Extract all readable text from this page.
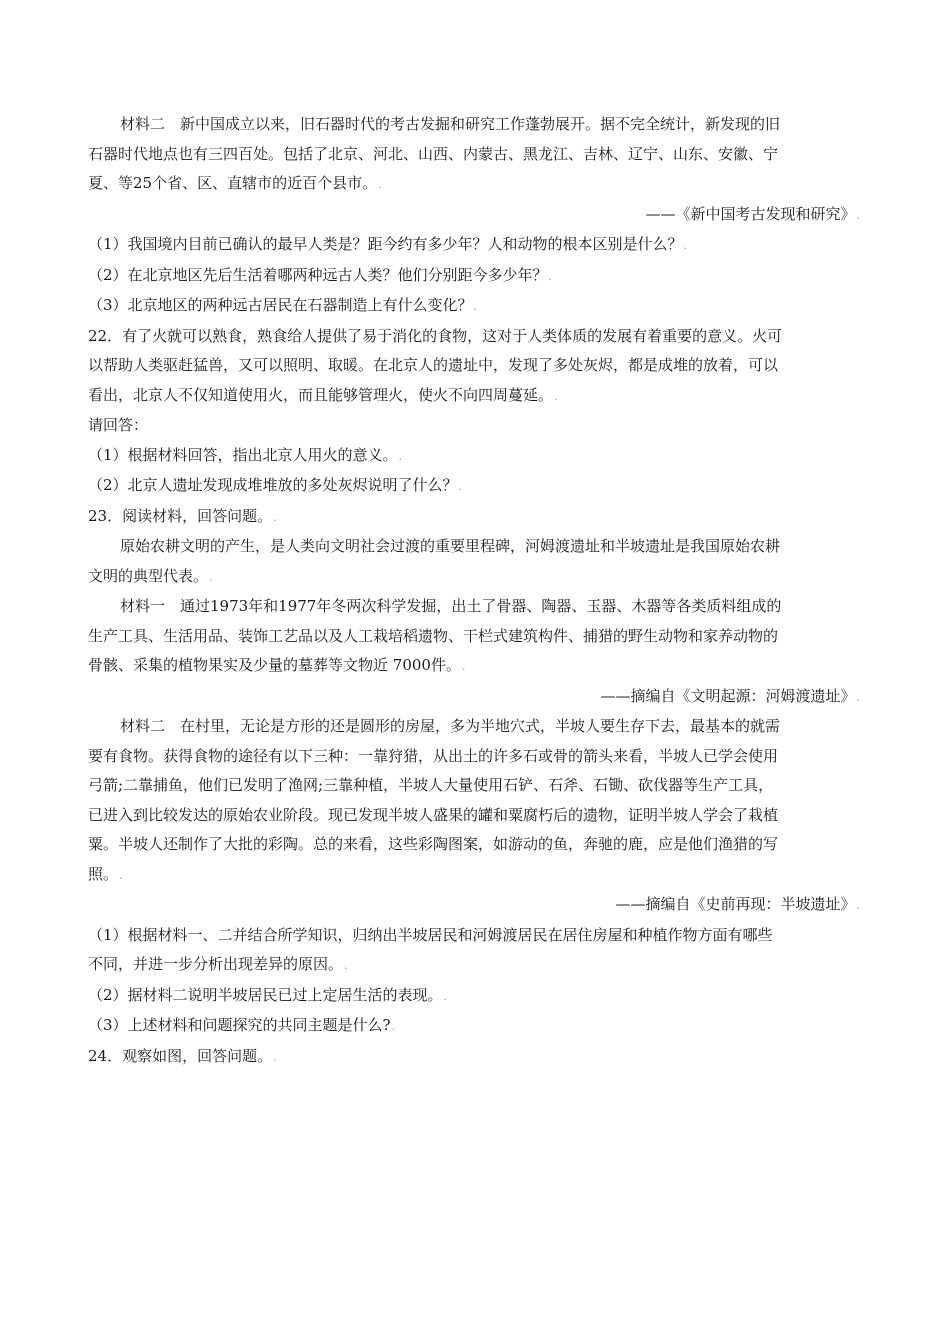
材料二　新中国成立以来，旧石器时代的考古发掘和研究工作蓬勃展开。据不完全统计，新发现的旧
石器时代地点也有三四百处。包括了北京、河北、山西、内蒙古、黑龙江、吉林、辽宁、山东、安徽、宁
夏、等25个省、区、直辖市的近百个县市。.
——《新中国考古发现和研究》.
（1）我国境内目前已确认的最早人类是？距今约有多少年？人和动物的根本区别是什么？.
（2）在北京地区先后生活着哪两种远古人类？他们分别距今多少年？.
（3）北京地区的两种远古居民在石器制造上有什么变化？.
22．有了火就可以熟食，熟食给人提供了易于消化的食物，这对于人类体质的发展有着重要的意义。火可
以帮助人类驱赶猛兽，又可以照明、取暖。在北京人的遗址中，发现了多处灰烬，都是成堆的放着，可以
看出，北京人不仅知道使用火，而且能够管理火，使火不向四周蔓延。.
请回答：
（1）根据材料回答，指出北京人用火的意义。.
（2）北京人遗址发现成堆堆放的多处灰烬说明了什么？.
23．阅读材料，回答问题。.
原始农耕文明的产生，是人类向文明社会过渡的重要里程碑，河姆渡遗址和半坡遗址是我国原始农耕
文明的典型代表。.
材料一　通过1973年和1977年冬两次科学发掘，出土了骨器、陶器、玉器、木器等各类质料组成的
生产工具、生活用品、装饰工艺品以及人工栽培稻遗物、干栏式建筑构件、捕猎的野生动物和家养动物的
骨骸、采集的植物果实及少量的墓葬等文物近 7000件。.
——摘编自《文明起源：河姆渡遗址》.
材料二　在村里，无论是方形的还是圆形的房屋，多为半地穴式，半坡人要生存下去，最基本的就需
要有食物。获得食物的途径有以下三种：一靠狩猎，从出土的许多石或骨的箭头来看，半坡人已学会使用
弓箭;二靠捕鱼，他们已发明了渔网;三靠种植，半坡人大量使用石铲、石斧、石锄、砍伐器等生产工具，
已进入到比较发达的原始农业阶段。现已发现半坡人盛果的罐和粟腐朽后的遗物，证明半坡人学会了栽植
粟。半坡人还制作了大批的彩陶。总的来看，这些彩陶图案，如游动的鱼，奔驰的鹿，应是他们渔猎的写
照。.
——摘编自《史前再现：半坡遗址》.
（1）根据材料一、二并结合所学知识，归纳出半坡居民和河姆渡居民在居住房屋和种植作物方面有哪些
不同，并进一步分析出现差异的原因。.
（2）据材料二说明半坡居民已过上定居生活的表现。.
（3）上述材料和问题探究的共同主题是什么?.
24．观察如图，回答问题。.
